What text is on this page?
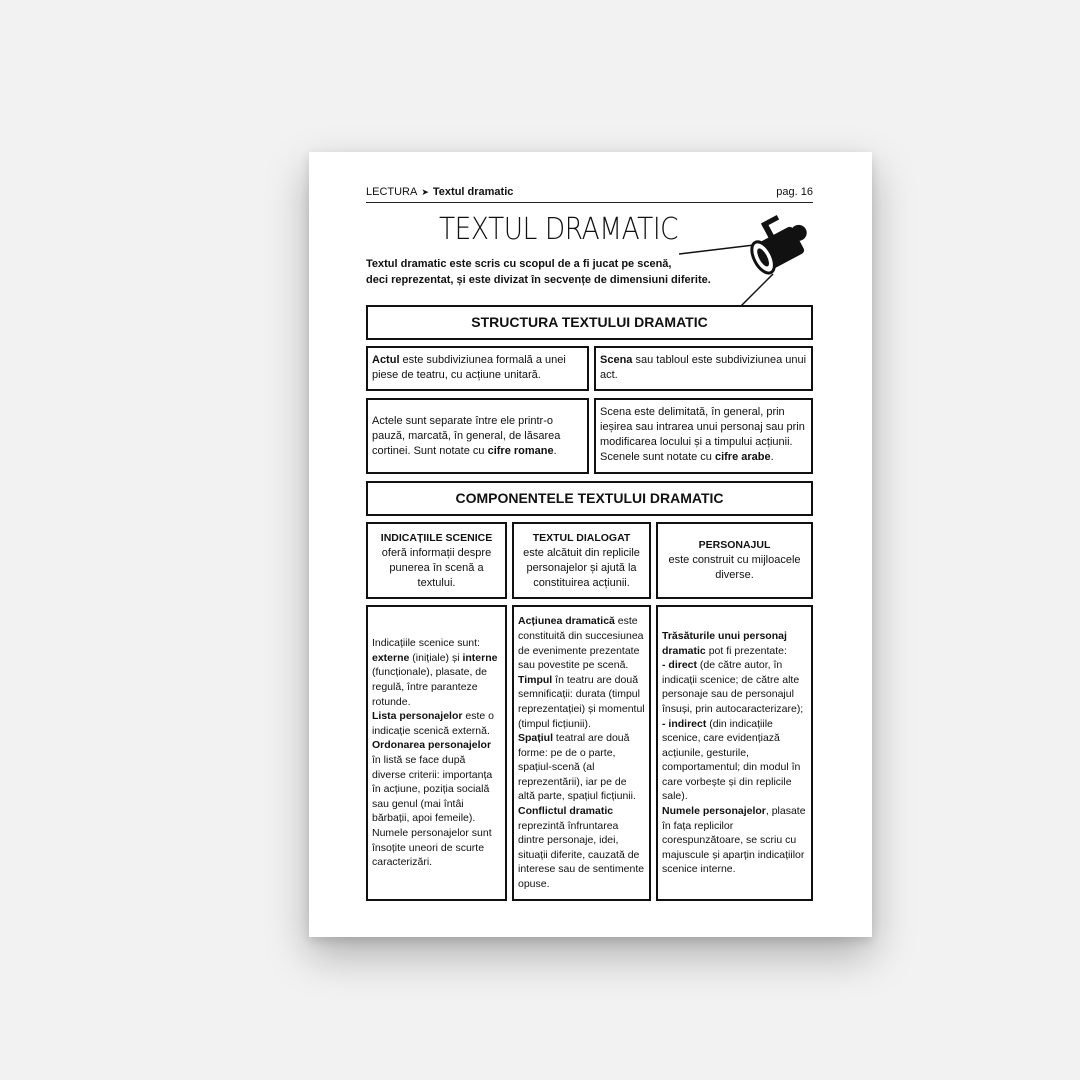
LECTURA ➤ Textul dramatic	pag. 16
TEXTUL DRAMATIC
Textul dramatic este scris cu scopul de a fi jucat pe scenă,
deci reprezentat, și este divizat în secvențe de dimensiuni diferite.
STRUCTURA TEXTULUI DRAMATIC
Actul este subdiviziunea formală a unei piese de teatru, cu acțiune unitară.
Scena sau tabloul este subdiviziunea unui act.
Actele sunt separate între ele printr-o pauză, marcată, în general, de lăsarea cortinei. Sunt notate cu cifre romane.
Scena este delimitată, în general, prin ieșirea sau intrarea unui personaj sau prin modificarea locului și a timpului acțiunii. Scenele sunt notate cu cifre arabe.
COMPONENTELE TEXTULUI DRAMATIC
INDICAȚIILE SCENICE
oferă informații despre punerea în scenă a textului.
TEXTUL DIALOGAT
este alcătuit din replicile personajelor și ajută la constituirea acțiunii.
PERSONAJUL
este construit cu mijloacele diverse.
Indicațiile scenice sunt: externe (inițiale) și interne (funcționale), plasate, de regulă, între paranteze rotunde.
Lista personajelor este o indicație scenică externă.
Ordonarea personajelor în listă se face după diverse criterii: importanța în acțiune, poziția socială sau genul (mai întâi bărbații, apoi femeile). Numele personajelor sunt însoțite uneori de scurte caracterizări.
Acțiunea dramatică este constituită din succesiunea de evenimente prezentate sau povestite pe scenă.
Timpul în teatru are două semnificații: durata (timpul reprezentației) și momentul (timpul ficțiunii).
Spațiul teatral are două forme: pe de o parte, spațiul-scenă (al reprezentării), iar pe de altă parte, spațiul ficțiunii.
Conflictul dramatic reprezintă înfruntarea dintre personaje, idei, situații diferite, cauzată de interese sau de sentimente opuse.
Trăsăturile unui personaj dramatic pot fi prezentate:
- direct (de către autor, în indicații scenice; de către alte personaje sau de personajul însuși, prin autocaracterizare);
- indirect (din indicațiile scenice, care evidențiază acțiunile, gesturile, comportamentul; din modul în care vorbește și din replicile sale).
Numele personajelor, plasate în fața replicilor corespunzătoare, se scriu cu majuscule și aparțin indicațiilor scenice interne.
